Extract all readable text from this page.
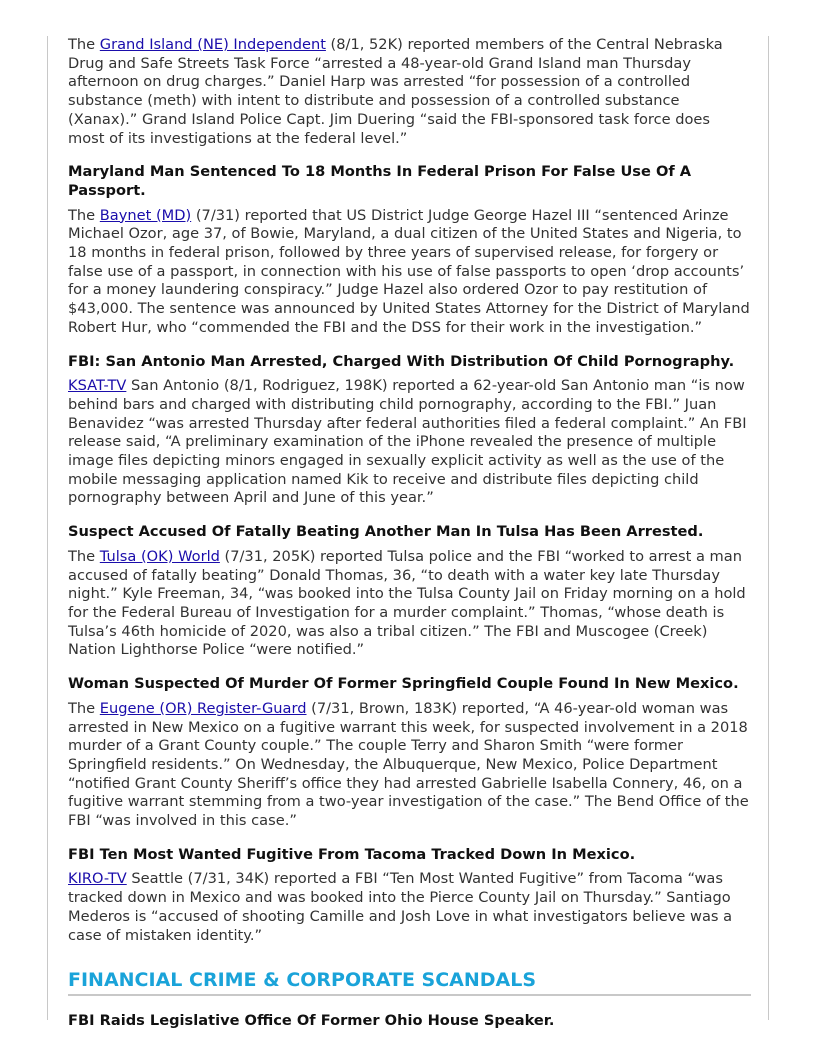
The Grand Island (NE) Independent (8/1, 52K) reported members of the Central Nebraska Drug and Safe Streets Task Force “arrested a 48-year-old Grand Island man Thursday afternoon on drug charges.” Daniel Harp was arrested “for possession of a controlled substance (meth) with intent to distribute and possession of a controlled substance (Xanax).” Grand Island Police Capt. Jim Duering “said the FBI-sponsored task force does most of its investigations at the federal level.”

Maryland Man Sentenced To 18 Months In Federal Prison For False Use Of A Passport.

The Baynet (MD) (7/31) reported that US District Judge George Hazel III “sentenced Arinze Michael Ozor, age 37, of Bowie, Maryland, a dual citizen of the United States and Nigeria, to 18 months in federal prison, followed by three years of supervised release, for forgery or false use of a passport, in connection with his use of false passports to open ‘drop accounts’ for a money laundering conspiracy.” Judge Hazel also ordered Ozor to pay restitution of $43,000. The sentence was announced by United States Attorney for the District of Maryland Robert Hur, who “commended the FBI and the DSS for their work in the investigation.”

FBI: San Antonio Man Arrested, Charged With Distribution Of Child Pornography.

KSAT-TV San Antonio (8/1, Rodriguez, 198K) reported a 62-year-old San Antonio man “is now behind bars and charged with distributing child pornography, according to the FBI.” Juan Benavidez “was arrested Thursday after federal authorities filed a federal complaint.” An FBI release said, “A preliminary examination of the iPhone revealed the presence of multiple image files depicting minors engaged in sexually explicit activity as well as the use of the mobile messaging application named Kik to receive and distribute files depicting child pornography between April and June of this year.”

Suspect Accused Of Fatally Beating Another Man In Tulsa Has Been Arrested.

The Tulsa (OK) World (7/31, 205K) reported Tulsa police and the FBI “worked to arrest a man accused of fatally beating” Donald Thomas, 36, “to death with a water key late Thursday night.” Kyle Freeman, 34, “was booked into the Tulsa County Jail on Friday morning on a hold for the Federal Bureau of Investigation for a murder complaint.” Thomas, “whose death is Tulsa’s 46th homicide of 2020, was also a tribal citizen.” The FBI and Muscogee (Creek) Nation Lighthorse Police “were notified.”

Woman Suspected Of Murder Of Former Springfield Couple Found In New Mexico.

The Eugene (OR) Register-Guard (7/31, Brown, 183K) reported, “A 46-year-old woman was arrested in New Mexico on a fugitive warrant this week, for suspected involvement in a 2018 murder of a Grant County couple.” The couple Terry and Sharon Smith “were former Springfield residents.” On Wednesday, the Albuquerque, New Mexico, Police Department “notified Grant County Sheriff’s office they had arrested Gabrielle Isabella Connery, 46, on a fugitive warrant stemming from a two-year investigation of the case.” The Bend Office of the FBI “was involved in this case.”

FBI Ten Most Wanted Fugitive From Tacoma Tracked Down In Mexico.

KIRO-TV Seattle (7/31, 34K) reported a FBI “Ten Most Wanted Fugitive” from Tacoma “was tracked down in Mexico and was booked into the Pierce County Jail on Thursday.” Santiago Mederos is “accused of shooting Camille and Josh Love in what investigators believe was a case of mistaken identity.”

FINANCIAL CRIME & CORPORATE SCANDALS
FBI Raids Legislative Office Of Former Ohio House Speaker.
